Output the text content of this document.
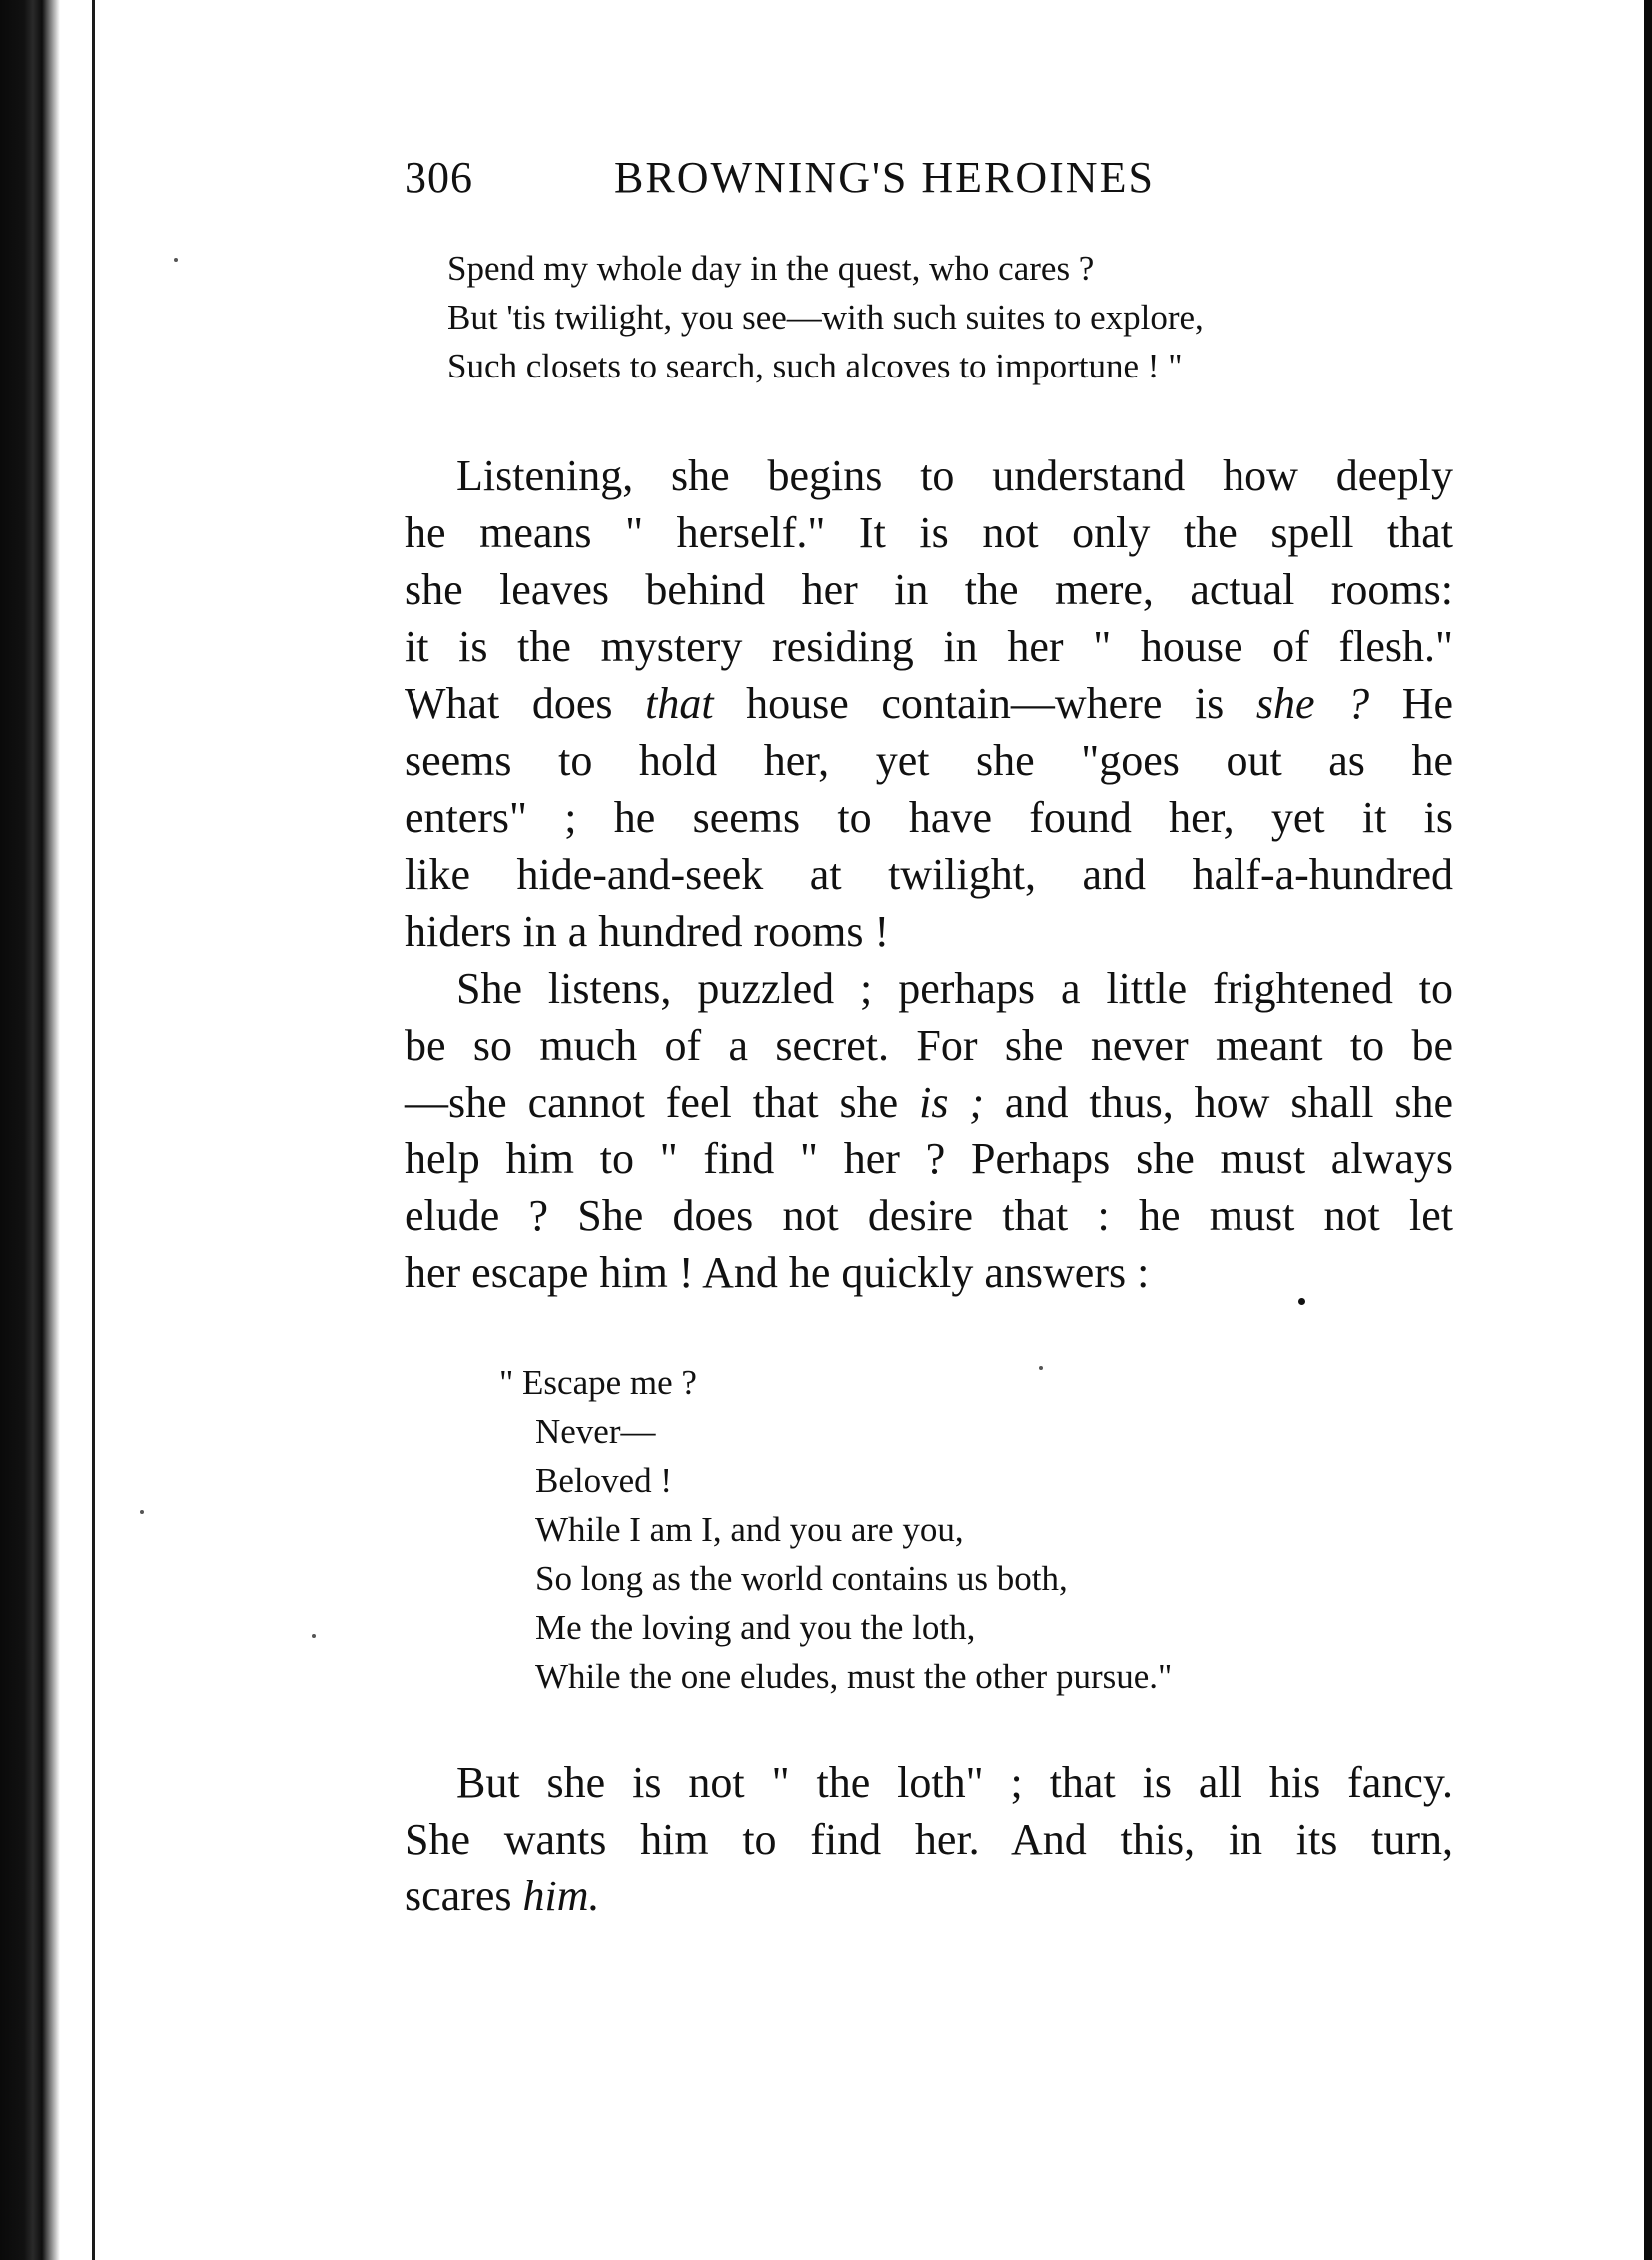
306	BROWNING'S HEROINES
Spend my whole day in the quest, who cares ?
But 'tis twilight, you see—with such suites to explore,
Such closets to search, such alcoves to importune ! "
Listening, she begins to understand how deeply
he means " herself." It is not only the spell that
she leaves behind her in the mere, actual rooms:
it is the mystery residing in her " house of flesh."
What does that house contain—where is she ? He
seems to hold her, yet she "goes out as he
enters" ; he seems to have found her, yet it is
like hide-and-seek at twilight, and half-a-hundred
hiders in a hundred rooms !
She listens, puzzled ; perhaps a little frightened to
be so much of a secret. For she never meant to be
—she cannot feel that she is ; and thus, how shall she
help him to " find " her ? Perhaps she must always
elude ? She does not desire that : he must not let
her escape him ! And he quickly answers :
" Escape me ?
Never—
Beloved !
While I am I, and you are you,
So long as the world contains us both,
Me the loving and you the loth,
While the one eludes, must the other pursue."
But she is not " the loth" ; that is all his fancy.
She wants him to find her. And this, in its turn,
scares him.
